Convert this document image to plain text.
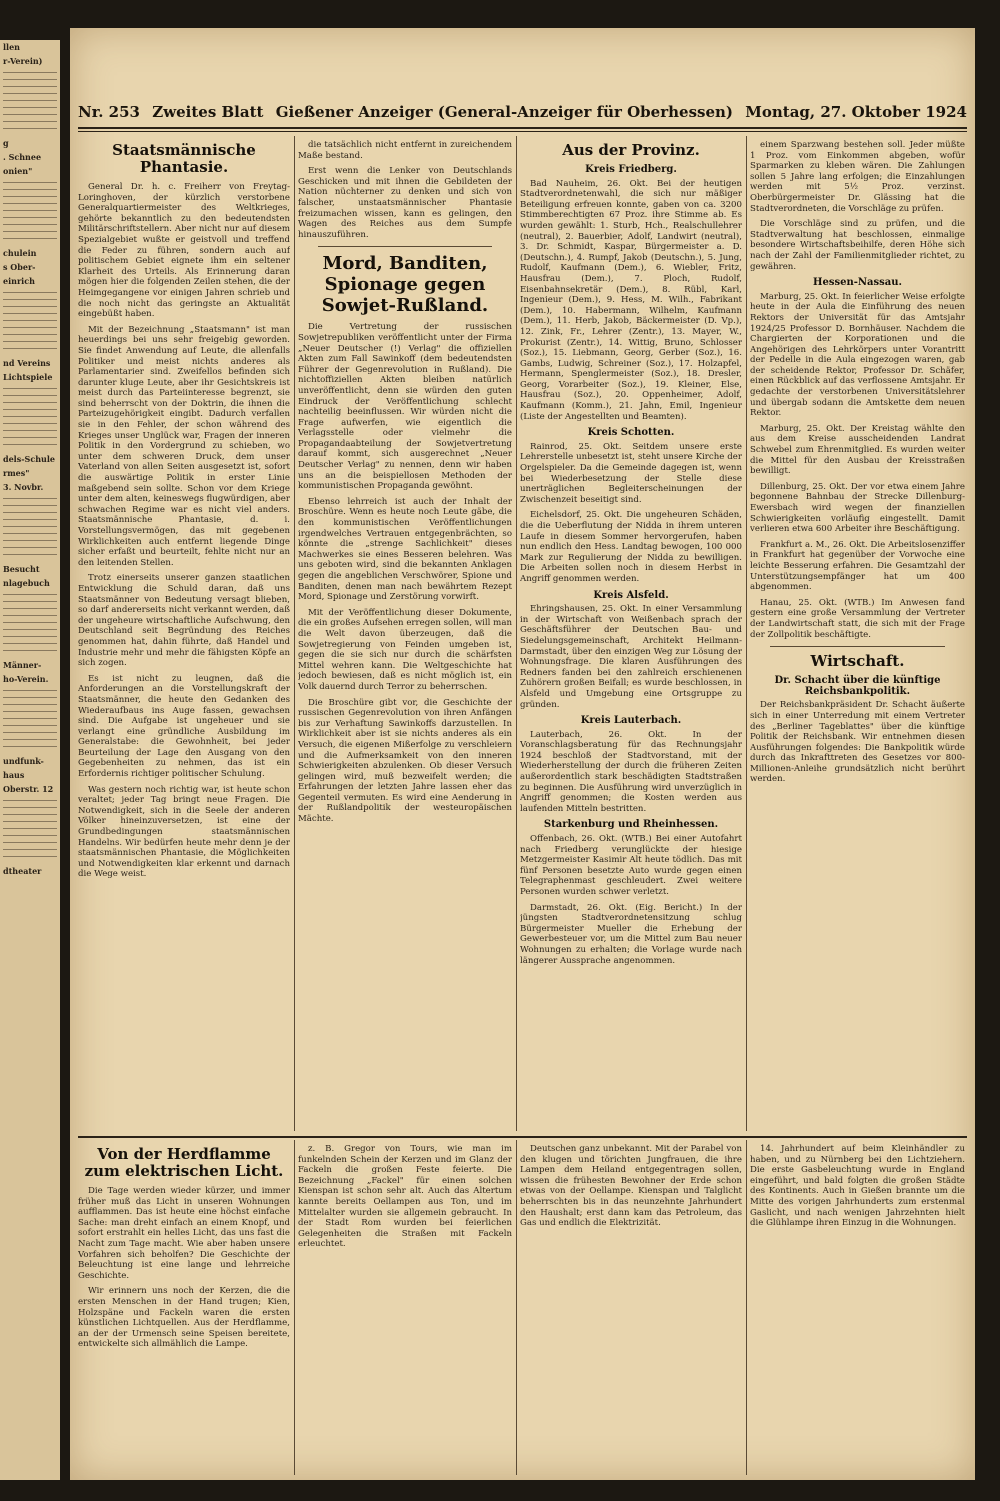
Nr. 253 Zweites Blatt Gießener Anzeiger (General-Anzeiger für Oberhessen) Montag, 27. Oktober 1924
Staatsmännische Phantasie.

General Dr. h. c. Freiherr von Freytag-Loringhoven, der kürzlich verstorbene Generalquartiermeister des Weltkrieges, gehörte bekanntlich zu den bedeutendsten Militärschriftstellern. Aber nicht nur auf diesem Spezialgebiet wußte er geistvoll und treffend die Feder zu führen, sondern auch auf politischem Gebiet eignete ihm ein seltener Klarheit des Urteils. Als Erinnerung daran mögen hier die folgenden Zeilen stehen, die der Heimgegangene vor einigen Jahren schrieb und die noch nicht das geringste an Aktualität eingebüßt haben.

Mit der Bezeichnung „Staatsmann" ist man heuerdings bei uns sehr freigebig geworden. Sie findet Anwendung auf Leute, die allenfalls Politiker und meist nichts anderes als Parlamentarier sind. Zweifellos befinden sich darunter kluge Leute, aber ihr Gesichtskreis ist meist durch das Parteiinteresse begrenzt, sie sind beherrscht von der Doktrin, die ihnen die Parteizugehörigkeit eingibt. Dadurch verfallen sie in den Fehler, der schon während des Krieges unser Unglück war, Fragen der inneren Politik in den Vordergrund zu schieben, wo unter dem schweren Druck, dem unser Vaterland von allen Seiten ausgesetzt ist, sofort die auswärtige Politik in erster Linie maßgebend sein sollte. Schon vor dem Kriege unter dem alten, keineswegs flugwürdigen, aber schwachen Regime war es nicht viel anders. Staatsmännische Phantasie, d. i. Vorstellungsvermögen, das mit gegebenen Wirklichkeiten auch entfernt liegende Dinge sicher erfaßt und beurteilt, fehlte nicht nur an den leitenden Stellen.

Trotz einerseits unserer ganzen staatlichen Entwicklung die Schuld daran, daß uns Staatsmänner von Bedeutung versagt blieben, so darf andererseits nicht verkannt werden, daß der ungeheure wirtschaftliche Aufschwung, den Deutschland seit Begründung des Reiches genommen hat, dahin führte, daß Handel und Industrie mehr und mehr die fähigsten Köpfe an sich zogen.

Es ist nicht zu leugnen, daß die Anforderungen an die Vorstellungskraft der Staatsmänner, die heute den Gedanken des Wiederaufbaus ins Auge fassen, gewachsen sind. Die Aufgabe ist ungeheuer und sie verlangt eine gründliche Ausbildung im Generalstabe: die Gewohnheit, bei jeder Beurteilung der Lage den Ausgang von den Gegebenheiten zu nehmen, das ist ein Erfordernis richtiger politischer Schulung.

Was gestern noch richtig war, ist heute schon veraltet; jeder Tag bringt neue Fragen. Die Notwendigkeit, sich in die Seele der anderen Völker hineinzuversetzen, ist eine der Grundbedingungen staatsmännischen Handelns. Wir bedürfen heute mehr denn je der staatsmännischen Phantasie, die Möglichkeiten und Notwendigkeiten klar erkennt und darnach die Wege weist.

die tatsächlich nicht entfernt in zureichendem Maße bestand.

Erst wenn die Lenker von Deutschlands Geschicken und mit ihnen die Gebildeten der Nation nüchterner zu denken und sich von falscher, unstaatsmännischer Phantasie freizumachen wissen, kann es gelingen, den Wagen des Reiches aus dem Sumpfe hinauszuführen.

Mord, Banditen, Spionage gegen Sowjet-Rußland.

Die Vertretung der russischen Sowjetrepubliken veröffentlicht unter der Firma „Neuer Deutscher (!) Verlag" die offiziellen Akten zum Fall Sawinkoff (dem bedeutendsten Führer der Gegenrevolution in Rußland). Die nichtoffiziellen Akten bleiben natürlich unveröffentlicht, denn sie würden den guten Eindruck der Veröffentlichung schlecht nachteilig beeinflussen. Wir würden nicht die Frage aufwerfen, wie eigentlich die Verlagsstelle oder vielmehr die Propagandaabteilung der Sowjetvertretung darauf kommt, sich ausgerechnet „Neuer Deutscher Verlag" zu nennen, denn wir haben uns an die beispiellosen Methoden der kommunistischen Propaganda gewöhnt.

Ebenso lehrreich ist auch der Inhalt der Broschüre. Wenn es heute noch Leute gäbe, die den kommunistischen Veröffentlichungen irgendwelches Vertrauen entgegenbrächten, so könnte die „strenge Sachlichkeit" dieses Machwerkes sie eines Besseren belehren. Was uns geboten wird, sind die bekannten Anklagen gegen die angeblichen Verschwörer, Spione und Banditen, denen man nach bewährtem Rezept Mord, Spionage und Zerstörung vorwirft.

Mit der Veröffentlichung dieser Dokumente, die ein großes Aufsehen erregen sollen, will man die Welt davon überzeugen, daß die Sowjetregierung von Feinden umgeben ist, gegen die sie sich nur durch die schärfsten Mittel wehren kann. Die Weltgeschichte hat jedoch bewiesen, daß es nicht möglich ist, ein Volk dauernd durch Terror zu beherrschen.

Die Broschüre gibt vor, die Geschichte der russischen Gegenrevolution von ihren Anfängen bis zur Verhaftung Sawinkoffs darzustellen. In Wirklichkeit aber ist sie nichts anderes als ein Versuch, die eigenen Mißerfolge zu verschleiern und die Aufmerksamkeit von den inneren Schwierigkeiten abzulenken. Ob dieser Versuch gelingen wird, muß bezweifelt werden; die Erfahrungen der letzten Jahre lassen eher das Gegenteil vermuten. Es wird eine Aenderung in der Rußlandpolitik der westeuropäischen Mächte.

Aus der Provinz.
Kreis Friedberg.

Bad Nauheim, 26. Okt. Bei der heutigen Stadtverordnetenwahl, die sich nur mäßiger Beteiligung erfreuen konnte, gaben von ca. 3200 Stimmberechtigten 67 Proz. ihre Stimme ab. Es wurden gewählt: 1. Sturb, Hch., Realschullehrer (neutral), 2. Bauerbier, Adolf, Landwirt (neutral), 3. Dr. Schmidt, Kaspar, Bürgermeister a. D. (Deutschn.), 4. Rumpf, Jakob (Deutschn.), 5. Jung, Rudolf, Kaufmann (Dem.), 6. Wiebler, Fritz, Hausfrau (Dem.), 7. Ploch, Rudolf, Eisenbahnsekretär (Dem.), 8. Rübl, Karl, Ingenieur (Dem.), 9. Hess, M. Wilh., Fabrikant (Dem.), 10. Habermann, Wilhelm, Kaufmann (Dem.), 11. Herb, Jakob, Bäckermeister (D. Vp.), 12. Zink, Fr., Lehrer (Zentr.), 13. Mayer, W., Prokurist (Zentr.), 14. Wittig, Bruno, Schlosser (Soz.), 15. Liebmann, Georg, Gerber (Soz.), 16. Gambs, Ludwig, Schreiner (Soz.), 17. Holzapfel, Hermann, Spenglermeister (Soz.), 18. Dresler, Georg, Vorarbeiter (Soz.), 19. Kleiner, Else, Hausfrau (Soz.), 20. Oppenheimer, Adolf, Kaufmann (Komm.), 21. Jahn, Emil, Ingenieur (Liste der Angestellten und Beamten).

Kreis Schotten.

Rainrod, 25. Okt. Seitdem unsere erste Lehrerstelle unbesetzt ist, steht unsere Kirche der Orgelspieler. Da die Gemeinde dagegen ist, wenn bei Wiederbesetzung der Stelle diese unerträglichen Begleiterscheinungen der Zwischenzeit beseitigt sind.

Eichelsdorf, 25. Okt. Die ungeheuren Schäden, die die Ueberflutung der Nidda in ihrem unteren Laufe in diesem Sommer hervorgerufen, haben nun endlich den Hess. Landtag bewogen, 100 000 Mark zur Regulierung der Nidda zu bewilligen. Die Arbeiten sollen noch in diesem Herbst in Angriff genommen werden.

Kreis Alsfeld.

Ehringshausen, 25. Okt. In einer Versammlung in der Wirtschaft von Weißenbach sprach der Geschäftsführer der Deutschen Bau- und Siedelungsgemeinschaft, Architekt Heilmann-Darmstadt, über den einzigen Weg zur Lösung der Wohnungsfrage. Die klaren Ausführungen des Redners fanden bei den zahlreich erschienenen Zuhörern großen Beifall; es wurde beschlossen, in Alsfeld und Umgebung eine Ortsgruppe zu gründen.

Kreis Lauterbach.

Lauterbach, 26. Okt. In der Voranschlagsberatung für das Rechnungsjahr 1924 beschloß der Stadtvorstand, mit der Wiederherstellung der durch die früheren Zeiten außerordentlich stark beschädigten Stadtstraßen zu beginnen. Die Ausführung wird unverzüglich in Angriff genommen; die Kosten werden aus laufenden Mitteln bestritten.

Starkenburg und Rheinhessen.

Offenbach, 26. Okt. (WTB.) Bei einer Autofahrt nach Friedberg verunglückte der hiesige Metzgermeister Kasimir Alt heute tödlich. Das mit fünf Personen besetzte Auto wurde gegen einen Telegraphenmast geschleudert. Zwei weitere Personen wurden schwer verletzt.

Darmstadt, 26. Okt. (Eig. Bericht.) In der jüngsten Stadtverordnetensitzung schlug Bürgermeister Mueller die Erhebung der Gewerbesteuer vor, um die Mittel zum Bau neuer Wohnungen zu erhalten; die Vorlage wurde nach längerer Aussprache angenommen.

einem Sparzwang bestehen soll. Jeder müßte 1 Proz. vom Einkommen abgeben, wofür Sparmarken zu kleben wären. Die Zahlungen sollen 5 Jahre lang erfolgen; die Einzahlungen werden mit 5½ Proz. verzinst. Oberbürgermeister Dr. Glässing hat die Stadtverordneten, die Vorschläge zu prüfen.

Die Vorschläge sind zu prüfen, und die Stadtverwaltung hat beschlossen, einmalige besondere Wirtschaftsbeihilfe, deren Höhe sich nach der Zahl der Familienmitglieder richtet, zu gewähren.

Hessen-Nassau.

Marburg, 25. Okt. In feierlicher Weise erfolgte heute in der Aula die Einführung des neuen Rektors der Universität für das Amtsjahr 1924/25 Professor D. Bornhäuser. Nachdem die Chargierten der Korporationen und die Angehörigen des Lehrkörpers unter Vorantritt der Pedelle in die Aula eingezogen waren, gab der scheidende Rektor, Professor Dr. Schäfer, einen Rückblick auf das verflossene Amtsjahr. Er gedachte der verstorbenen Universitätslehrer und übergab sodann die Amtskette dem neuen Rektor.

Marburg, 25. Okt. Der Kreistag wählte den aus dem Kreise ausscheidenden Landrat Schwebel zum Ehrenmitglied. Es wurden weiter die Mittel für den Ausbau der Kreisstraßen bewilligt.

Dillenburg, 25. Okt. Der vor etwa einem Jahre begonnene Bahnbau der Strecke Dillenburg-Ewersbach wird wegen der finanziellen Schwierigkeiten vorläufig eingestellt. Damit verlieren etwa 600 Arbeiter ihre Beschäftigung.

Frankfurt a. M., 26. Okt. Die Arbeitslosenziffer in Frankfurt hat gegenüber der Vorwoche eine leichte Besserung erfahren. Die Gesamtzahl der Unterstützungsempfänger hat um 400 abgenommen.

Hanau, 25. Okt. (WTB.) Im Anwesen fand gestern eine große Versammlung der Vertreter der Landwirtschaft statt, die sich mit der Frage der Zollpolitik beschäftigte.

Wirtschaft.
Dr. Schacht über die künftige Reichsbankpolitik.

Der Reichsbankpräsident Dr. Schacht äußerte sich in einer Unterredung mit einem Vertreter des „Berliner Tageblattes" über die künftige Politik der Reichsbank. Wir entnehmen diesen Ausführungen folgendes: Die Bankpolitik würde durch das Inkrafttreten des Gesetzes vor 800-Millionen-Anleihe grundsätzlich nicht berührt werden.

Von der Herdflamme zum elektrischen Licht.

Die Tage werden wieder kürzer, und immer früher muß das Licht in unseren Wohnungen aufflammen. Das ist heute eine höchst einfache Sache: man dreht einfach an einem Knopf, und sofort erstrahlt ein helles Licht, das uns fast die Nacht zum Tage macht. Wie aber haben unsere Vorfahren sich beholfen? Die Geschichte der Beleuchtung ist eine lange und lehrreiche Geschichte.

Wir erinnern uns noch der Kerzen, die die ersten Menschen in der Hand trugen; Kien, Holzspäne und Fackeln waren die ersten künstlichen Lichtquellen. Aus der Herdflamme, an der der Urmensch seine Speisen bereitete, entwickelte sich allmählich die Lampe.

z. B. Gregor von Tours, wie man im funkelnden Schein der Kerzen und im Glanz der Fackeln die großen Feste feierte. Die Bezeichnung „Fackel" für einen solchen Kienspan ist schon sehr alt. Auch das Altertum kannte bereits Oellampen aus Ton, und im Mittelalter wurden sie allgemein gebraucht. In der Stadt Rom wurden bei feierlichen Gelegenheiten die Straßen mit Fackeln erleuchtet.

Deutschen ganz unbekannt. Mit der Parabel von den klugen und törichten Jungfrauen, die ihre Lampen dem Heiland entgegentragen sollen, wissen die frühesten Bewohner der Erde schon etwas von der Oellampe. Kienspan und Talglicht beherrschten bis in das neunzehnte Jahrhundert den Haushalt; erst dann kam das Petroleum, das Gas und endlich die Elektrizität.

14. Jahrhundert auf beim Kleinhändler zu haben, und zu Nürnberg bei den Lichtziehern. Die erste Gasbeleuchtung wurde in England eingeführt, und bald folgten die großen Städte des Kontinents. Auch in Gießen brannte um die Mitte des vorigen Jahrhunderts zum erstenmal Gaslicht, und nach wenigen Jahrzehnten hielt die Glühlampe ihren Einzug in die Wohnungen.

llen
r-Verein)
g
. Schnee
onien"
chulein
s Ober-
einrich
nd Vereins
Lichtspiele
dels-Schule
rmes"
3. Novbr.
Besucht
nlagebuch
Männer-
ho-Verein.
undfunk-
haus
Oberstr. 12
dtheater
